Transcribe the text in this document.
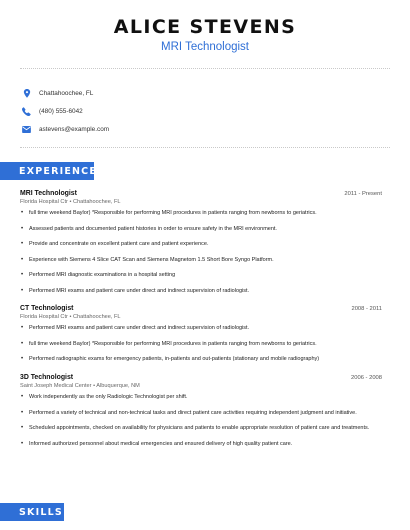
ALICE STEVENS
MRI Technologist
Chattahoochee, FL
(480) 555-6042
astevens@example.com
EXPERIENCE
MRI Technologist	2011 - Present
Florida Hospital Ctr • Chattahoochee, FL
• full time weekend Baylor) *Responsible for performing MRI procedures in patients ranging from newborns to geriatrics.
• Assessed patients and documented patient histories in order to ensure safety in the MRI environment.
• Provide and concentrate on excellent patient care and patient experience.
• Experience with Siemens 4 Slice CAT Scan and Siemens Magnetom 1.5 Short Bore Syngo Platform.
• Performed MRI diagnostic examinations in a hospital setting
• Performed MRI exams and patient care under direct and indirect supervision of radiologist.
CT Technologist	2008 - 2011
Florida Hospital Ctr • Chattahoochee, FL
• Performed MRI exams and patient care under direct and indirect supervision of radiologist.
• full time weekend Baylor) *Responsible for performing MRI procedures in patients ranging from newborns to geriatrics.
• Performed radiographic exams for emergency patients, in-patients and out-patients (stationary and mobile radiography)
3D Technologist	2006 - 2008
Saint Joseph Medical Center • Albuquerque, NM
• Work independently as the only Radiologic Technologist per shift.
• Performed a variety of technical and non-technical tasks and direct patient care activities requiring independent judgment and initiative.
• Scheduled appointments, checked on availability for physicians and patients to enable appropriate resolution of patient care and treatments.
• Informed authorized personnel about medical emergencies and ensured delivery of high quality patient care.
SKILLS
